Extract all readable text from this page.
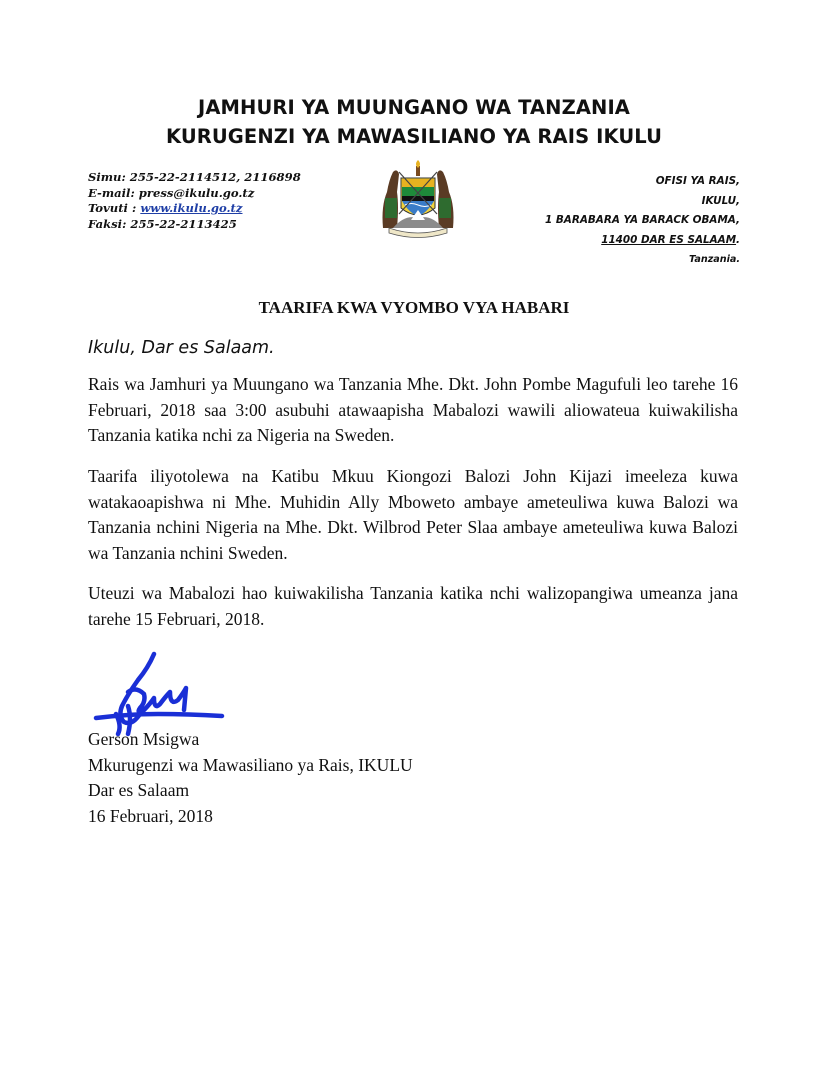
JAMHURI YA MUUNGANO WA TANZANIA
KURUGENZI YA MAWASILIANO YA RAIS IKULU
Simu: 255-22-2114512, 2116898
E-mail: press@ikulu.go.tz
Tovuti : www.ikulu.go.tz
Faksi: 255-22-2113425
OFISI YA RAIS,
IKULU,
1 BARABARA YA BARACK OBAMA,
11400 DAR ES SALAAM.
Tanzania.
TAARIFA KWA VYOMBO VYA HABARI
Ikulu, Dar es Salaam.

Rais wa Jamhuri ya Muungano wa Tanzania Mhe. Dkt. John Pombe Magufuli leo tarehe 16 Februari, 2018 saa 3:00 asubuhi atawaapisha Mabalozi wawili aliowateua kuiwakilisha Tanzania katika nchi za Nigeria na Sweden.

Taarifa iliyotolewa na Katibu Mkuu Kiongozi Balozi John Kijazi imeeleza kuwa watakaoapishwa ni Mhe. Muhidin Ally Mboweto ambaye ameteuliwa kuwa Balozi wa Tanzania nchini Nigeria na Mhe. Dkt. Wilbrod Peter Slaa ambaye ameteuliwa kuwa Balozi wa Tanzania nchini Sweden.

Uteuzi wa Mabalozi hao kuiwakilisha Tanzania katika nchi walizopangiwa umeanza jana tarehe 15 Februari, 2018.

Gerson Msigwa
Mkurugenzi wa Mawasiliano ya Rais, IKULU
Dar es Salaam
16 Februari, 2018
